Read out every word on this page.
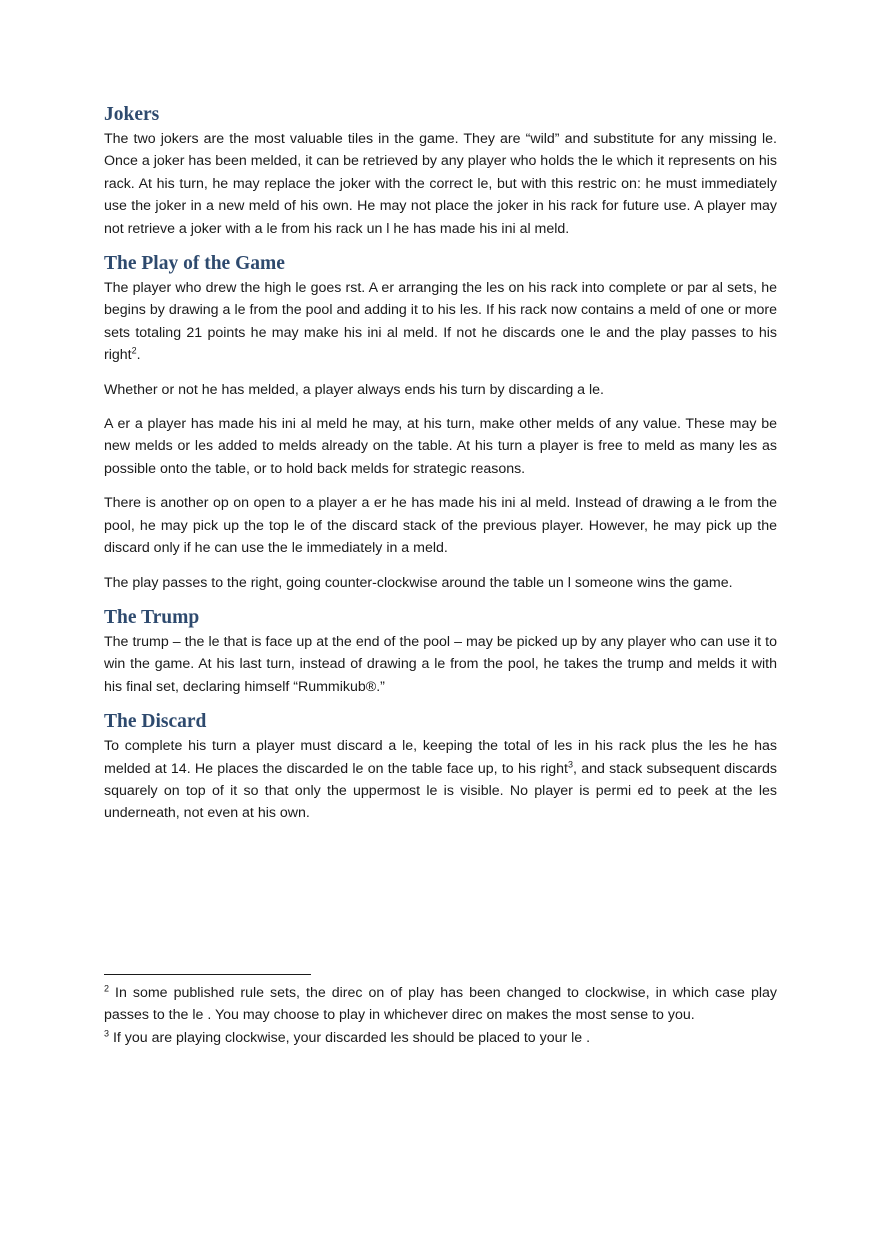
Jokers

The two jokers are the most valuable tiles in the game. They are “wild” and substitute for any missing le. Once a joker has been melded, it can be retrieved by any player who holds the le which it represents on his rack. At his turn, he may replace the joker with the correct le, but with this restric on: he must immediately use the joker in a new meld of his own. He may not place the joker in his rack for future use. A player may not retrieve a joker with a le from his rack un l he has made his ini al meld.

The Play of the Game

The player who drew the high le goes rst. A er arranging the les on his rack into complete or par al sets, he begins by drawing a le from the pool and adding it to his les. If his rack now contains a meld of one or more sets totaling 21 points he may make his ini al meld. If not he discards one le and the play passes to his right$^2$.

Whether or not he has melded, a player always ends his turn by discarding a le.

A er a player has made his ini al meld he may, at his turn, make other melds of any value. These may be new melds or les added to melds already on the table. At his turn a player is free to meld as many les as possible onto the table, or to hold back melds for strategic reasons.

There is another op on open to a player a er he has made his ini al meld. Instead of drawing a le from the pool, he may pick up the top le of the discard stack of the previous player. However, he may pick up the discard only if he can use the le immediately in a meld.

The play passes to the right, going counter-clockwise around the table un l someone wins the game.

The Trump

The trump – the le that is face up at the end of the pool – may be picked up by any player who can use it to win the game. At his last turn, instead of drawing a le from the pool, he takes the trump and melds it with his final set, declaring himself “Rummikub®.”

The Discard

To complete his turn a player must discard a le, keeping the total of les in his rack plus the les he has melded at 14. He places the discarded le on the table face up, to his right$^3$, and stack subsequent discards squarely on top of it so that only the uppermost le is visible. No player is permi ed to peek at the les underneath, not even at his own.

$^2$ In some published rule sets, the direc on of play has been changed to clockwise, in which case play passes to the le . You may choose to play in whichever direc on makes the most sense to you.

$^3$ If you are playing clockwise, your discarded les should be placed to your le .
